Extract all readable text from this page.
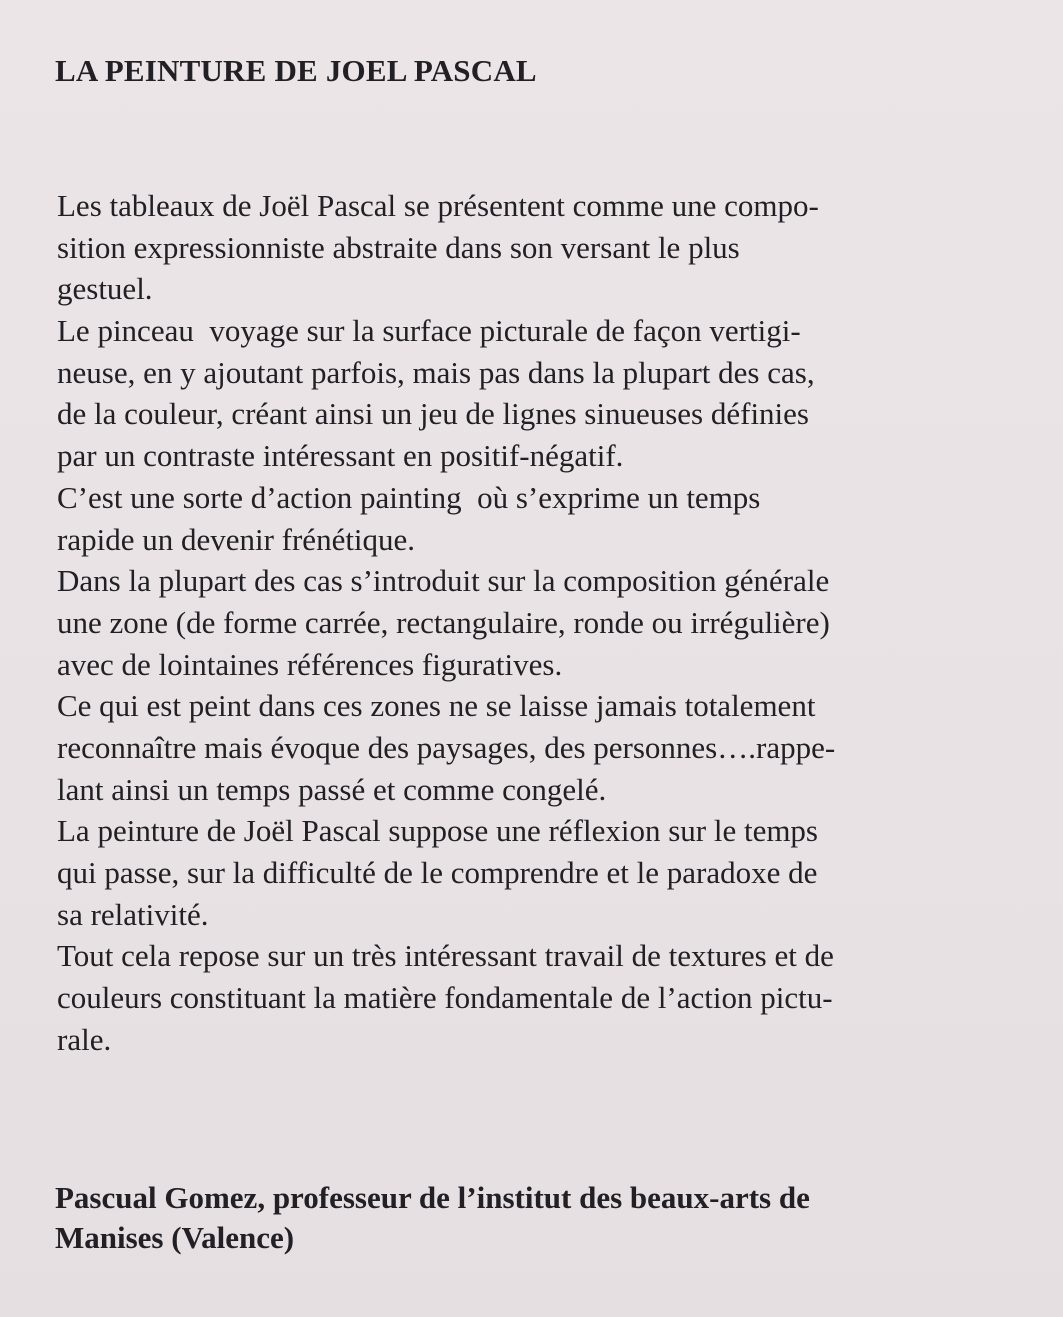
LA PEINTURE DE JOEL PASCAL
Les tableaux de Joël Pascal se présentent comme une compo-
sition expressionniste abstraite dans son versant le plus
gestuel.
Le pinceau  voyage sur la surface picturale de façon vertigi-
neuse, en y ajoutant parfois, mais pas dans la plupart des cas,
de la couleur, créant ainsi un jeu de lignes sinueuses définies
par un contraste intéressant en positif-négatif.
C’est une sorte d’action painting  où s’exprime un temps
rapide un devenir frénétique.
Dans la plupart des cas s’introduit sur la composition générale
une zone (de forme carrée, rectangulaire, ronde ou irrégulière)
avec de lointaines références figuratives.
Ce qui est peint dans ces zones ne se laisse jamais totalement
reconnaître mais évoque des paysages, des personnes….rappe-
lant ainsi un temps passé et comme congelé.
La peinture de Joël Pascal suppose une réflexion sur le temps
qui passe, sur la difficulté de le comprendre et le paradoxe de
sa relativité.
Tout cela repose sur un très intéressant travail de textures et de
couleurs constituant la matière fondamentale de l’action pictu-
rale.
Pascual Gomez, professeur de l’institut des beaux-arts de
Manises (Valence)
